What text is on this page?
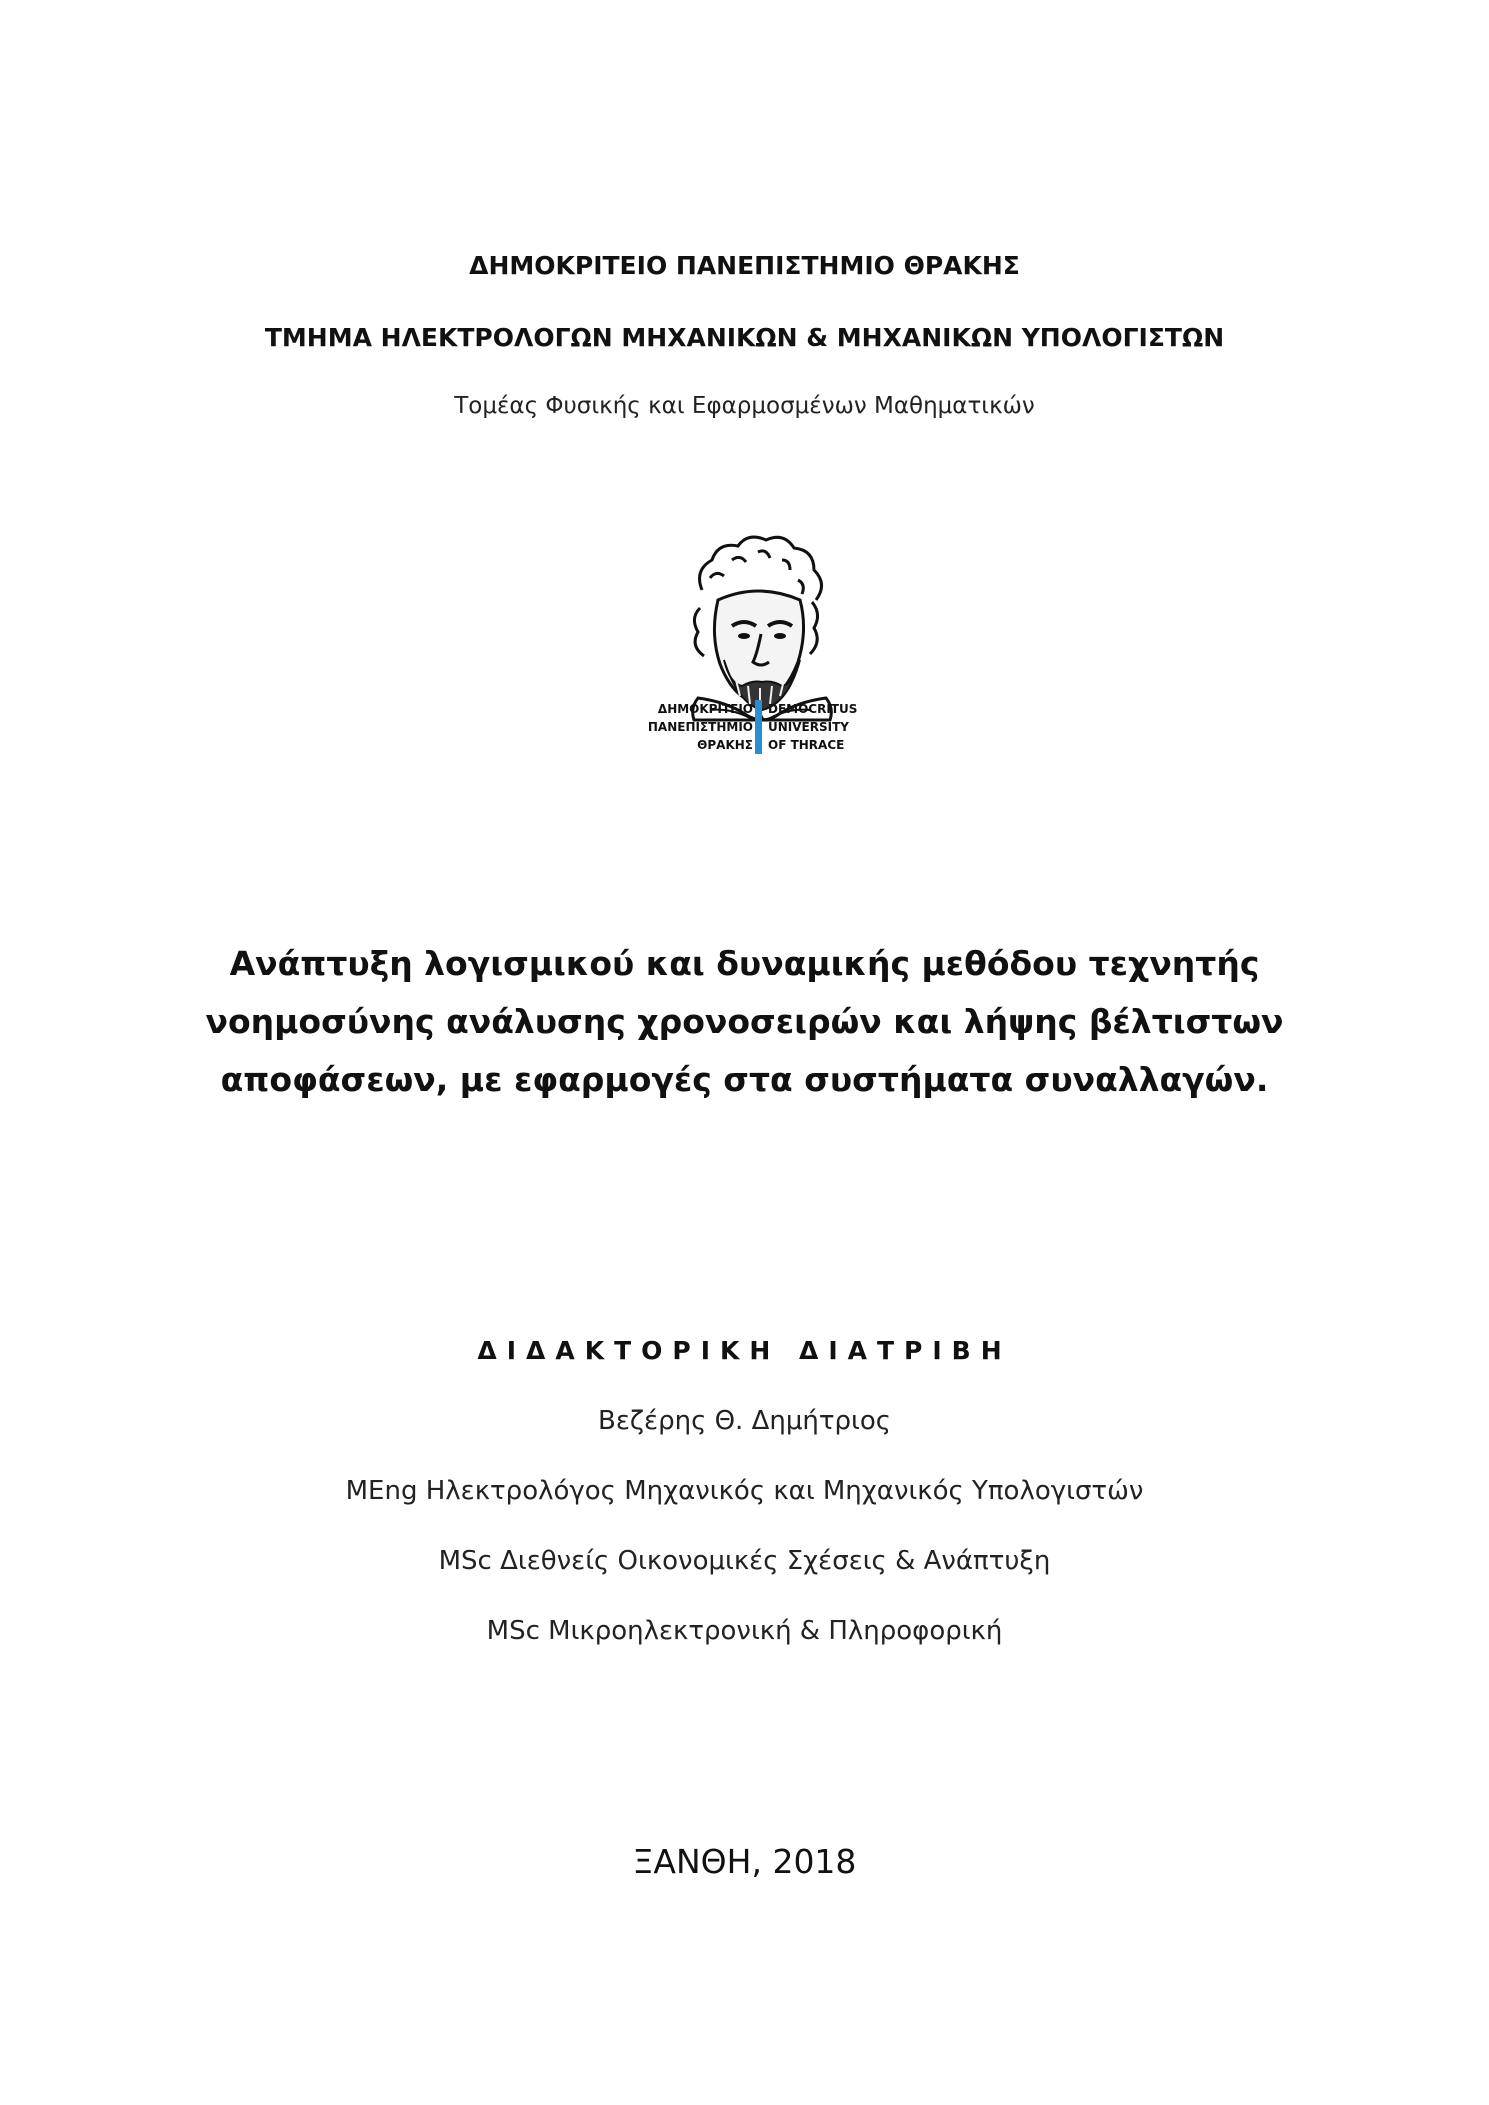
ΔΗΜΟΚΡΙΤΕΙΟ ΠΑΝΕΠΙΣΤΗΜΙΟ ΘΡΑΚΗΣ
ΤΜΗΜΑ ΗΛΕΚΤΡΟΛΟΓΩΝ ΜΗΧΑΝΙΚΩΝ & ΜΗΧΑΝΙΚΩΝ ΥΠΟΛΟΓΙΣΤΩΝ
Τομέας Φυσικής και Εφαρμοσμένων Μαθηματικών
ΔΗΜΟΚΡΙΤΕΙΟ
ΠΑΝΕΠΙΣΤΗΜΙΟ
ΘΡΑΚΗΣ
DEMOCRITUS
UNIVERSITY
OF THRACE
Ανάπτυξη λογισμικού και δυναμικής μεθόδου τεχνητής
νοημοσύνης ανάλυσης χρονοσειρών και λήψης βέλτιστων
αποφάσεων, με εφαρμογές στα συστήματα συναλλαγών.
ΔΙΔΑΚΤΟΡΙΚΗ ΔΙΑΤΡΙΒΗ
Βεζέρης Θ. Δημήτριος
MEng Ηλεκτρολόγος Μηχανικός και Μηχανικός Υπολογιστών
MSc Διεθνείς Οικονομικές Σχέσεις & Ανάπτυξη
MSc Μικροηλεκτρονική & Πληροφορική
ΞΑΝΘΗ, 2018
